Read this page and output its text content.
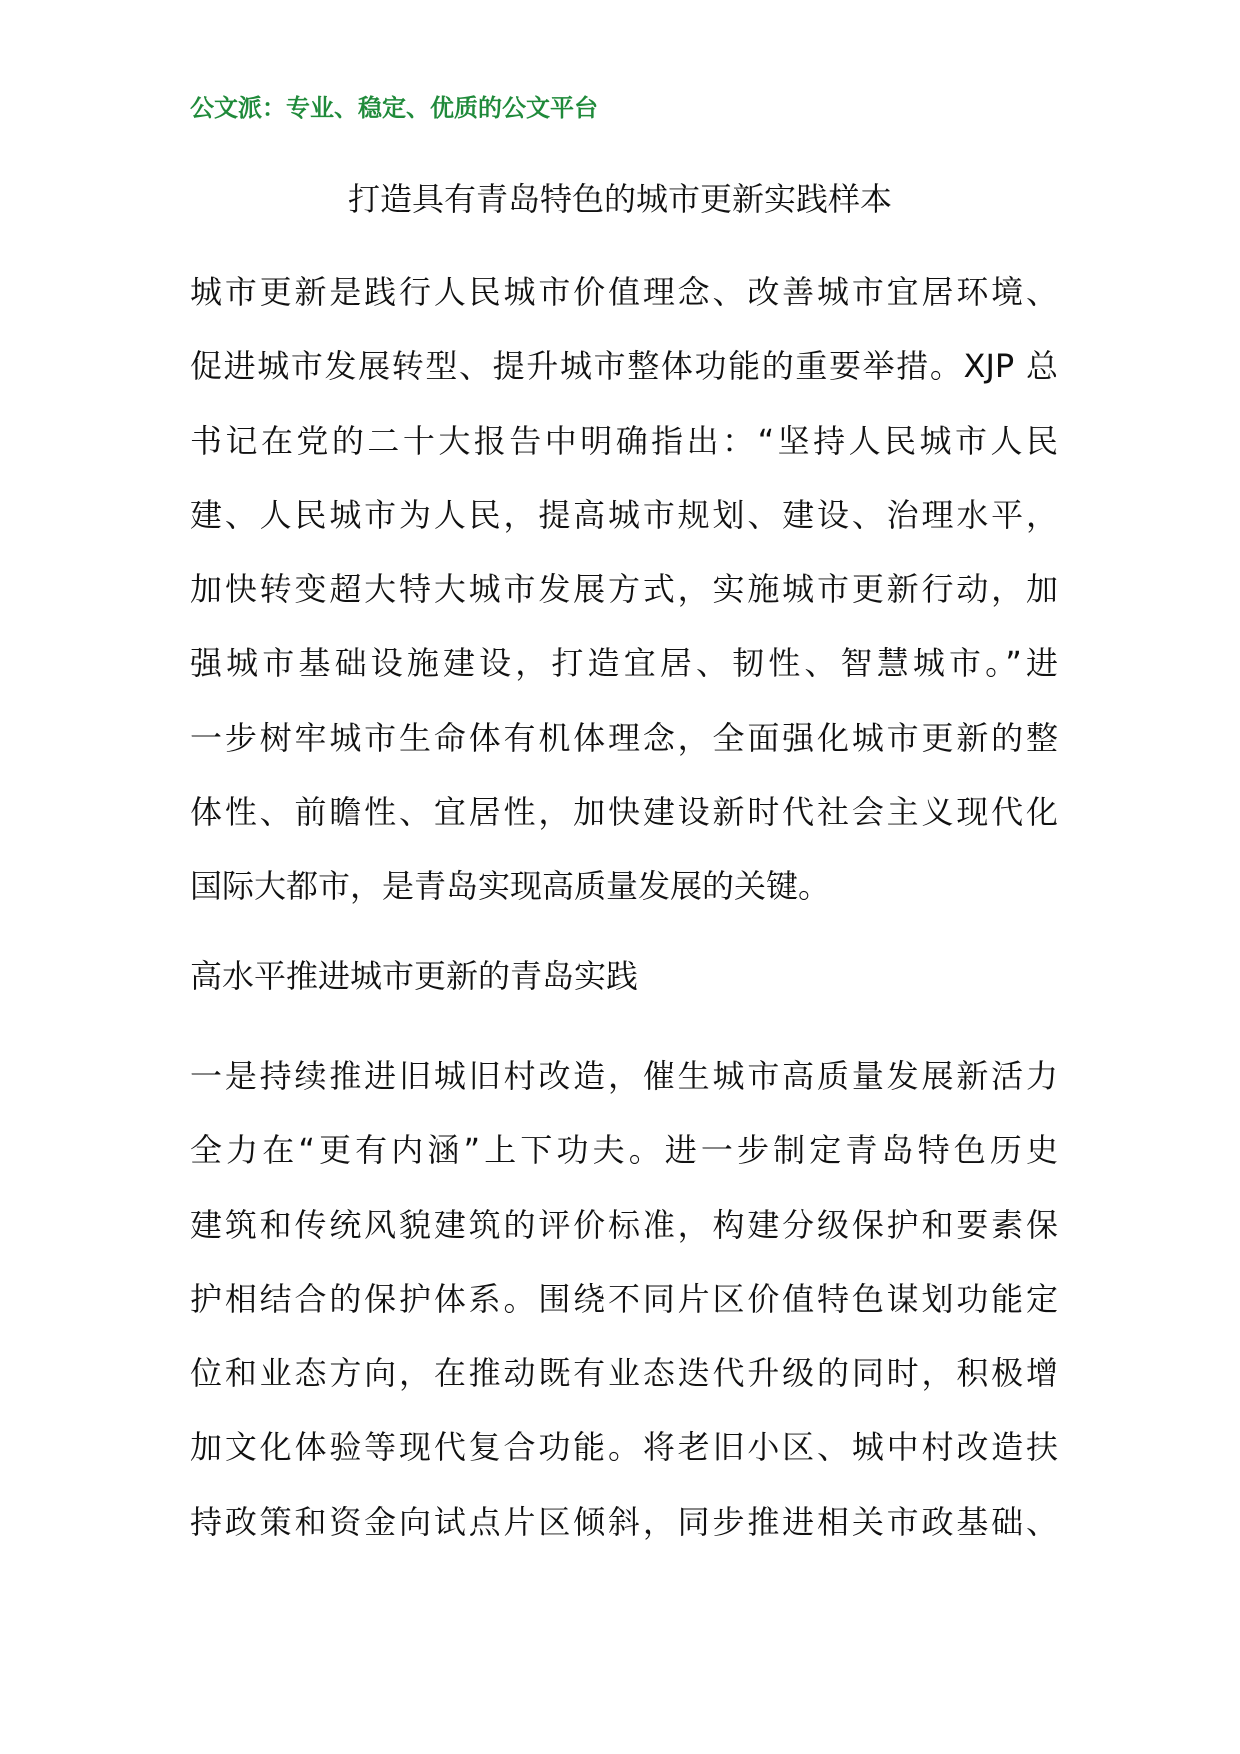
公文派：专业、稳定、优质的公文平台
打造具有青岛特色的城市更新实践样本
城市更新是践行人民城市价值理念、改善城市宜居环境、
促进城市发展转型、提升城市整体功能的重要举措。XJP 总
书记在党的二十大报告中明确指出：“坚持人民城市人民
建、人民城市为人民，提高城市规划、建设、治理水平，
加快转变超大特大城市发展方式，实施城市更新行动，加
强城市基础设施建设，打造宜居、韧性、智慧城市。”进
一步树牢城市生命体有机体理念，全面强化城市更新的整
体性、前瞻性、宜居性，加快建设新时代社会主义现代化
国际大都市，是青岛实现高质量发展的关键。
高水平推进城市更新的青岛实践
一是持续推进旧城旧村改造，催生城市高质量发展新活力
全力在“更有内涵”上下功夫。进一步制定青岛特色历史
建筑和传统风貌建筑的评价标准，构建分级保护和要素保
护相结合的保护体系。围绕不同片区价值特色谋划功能定
位和业态方向，在推动既有业态迭代升级的同时，积极增
加文化体验等现代复合功能。将老旧小区、城中村改造扶
持政策和资金向试点片区倾斜，同步推进相关市政基础、
